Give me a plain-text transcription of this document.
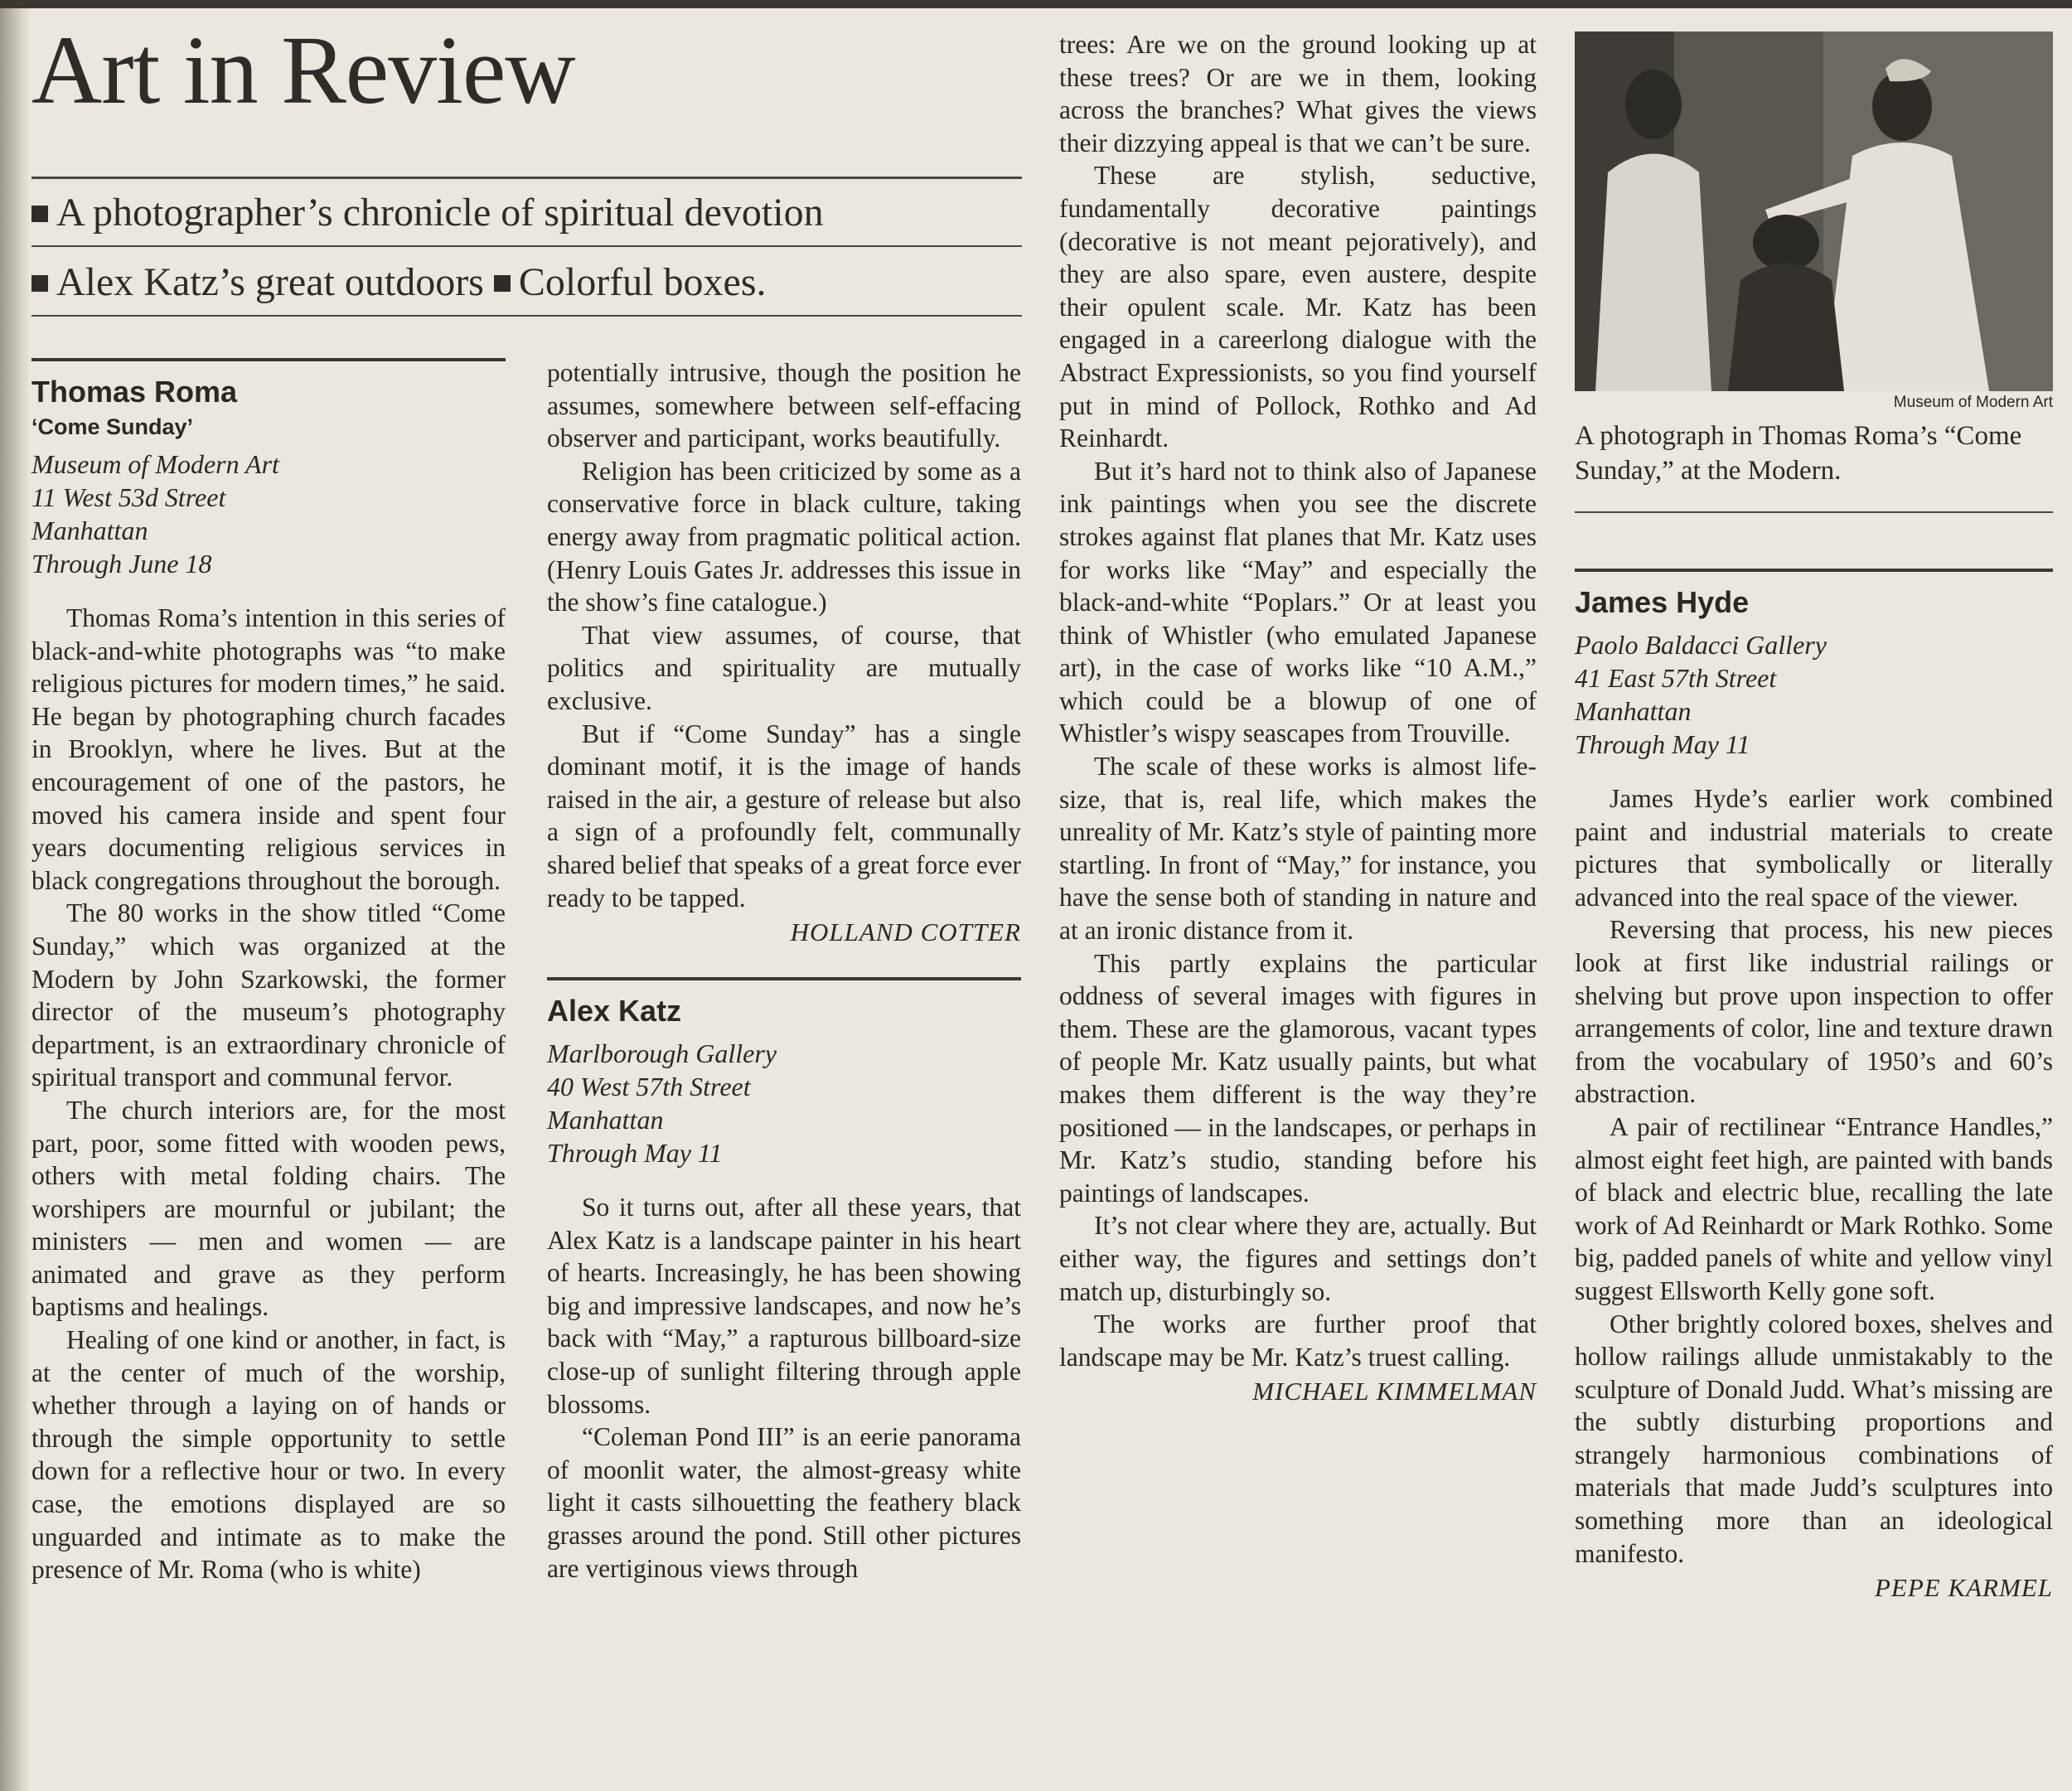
Art in Review
A photographer’s chronicle of spiritual devotion
Alex Katz’s great outdoors Colorful boxes.
Thomas Roma
‘Come Sunday’
Museum of Modern Art
11 West 53d Street
Manhattan
Through June 18

Thomas Roma’s intention in this series of black-and-white photographs was “to make religious pictures for modern times,” he said. He began by photographing church facades in Brooklyn, where he lives. But at the encouragement of one of the pastors, he moved his camera inside and spent four years documenting religious services in black congregations throughout the borough.

The 80 works in the show titled “Come Sunday,” which was organized at the Modern by John Szarkowski, the former director of the museum’s photography department, is an extraordinary chronicle of spiritual transport and communal fervor.

The church interiors are, for the most part, poor, some fitted with wooden pews, others with metal folding chairs. The worshipers are mournful or jubilant; the ministers — men and women — are animated and grave as they perform baptisms and healings.

Healing of one kind or another, in fact, is at the center of much of the worship, whether through a laying on of hands or through the simple opportunity to settle down for a reflective hour or two. In every case, the emotions displayed are so unguarded and intimate as to make the presence of Mr. Roma (who is white)

potentially intrusive, though the position he assumes, somewhere between self-effacing observer and participant, works beautifully.

Religion has been criticized by some as a conservative force in black culture, taking energy away from pragmatic political action. (Henry Louis Gates Jr. addresses this issue in the show’s fine catalogue.)

That view assumes, of course, that politics and spirituality are mutually exclusive.

But if “Come Sunday” has a single dominant motif, it is the image of hands raised in the air, a gesture of release but also a sign of a profoundly felt, communally shared belief that speaks of a great force ever ready to be tapped.

HOLLAND COTTER
Alex Katz
Marlborough Gallery
40 West 57th Street
Manhattan
Through May 11

So it turns out, after all these years, that Alex Katz is a landscape painter in his heart of hearts. Increasingly, he has been showing big and impressive landscapes, and now he’s back with “May,” a rapturous billboard-size close-up of sunlight filtering through apple blossoms.

“Coleman Pond III” is an eerie panorama of moonlit water, the almost-greasy white light it casts silhouetting the feathery black grasses around the pond. Still other pictures are vertiginous views through

trees: Are we on the ground looking up at these trees? Or are we in them, looking across the branches? What gives the views their dizzying appeal is that we can’t be sure.

These are stylish, seductive, fundamentally decorative paintings (decorative is not meant pejoratively), and they are also spare, even austere, despite their opulent scale. Mr. Katz has been engaged in a careerlong dialogue with the Abstract Expressionists, so you find yourself put in mind of Pollock, Rothko and Ad Reinhardt.

But it’s hard not to think also of Japanese ink paintings when you see the discrete strokes against flat planes that Mr. Katz uses for works like “May” and especially the black-and-white “Poplars.” Or at least you think of Whistler (who emulated Japanese art), in the case of works like “10 A.M.,” which could be a blowup of one of Whistler’s wispy seascapes from Trouville.

The scale of these works is almost life-size, that is, real life, which makes the unreality of Mr. Katz’s style of painting more startling. In front of “May,” for instance, you have the sense both of standing in nature and at an ironic distance from it.

This partly explains the particular oddness of several images with figures in them. These are the glamorous, vacant types of people Mr. Katz usually paints, but what makes them different is the way they’re positioned — in the landscapes, or perhaps in Mr. Katz’s studio, standing before his paintings of landscapes.

It’s not clear where they are, actually. But either way, the figures and settings don’t match up, disturbingly so.

The works are further proof that landscape may be Mr. Katz’s truest calling.

MICHAEL KIMMELMAN
Museum of Modern Art

A photograph in Thomas Roma’s “Come Sunday,” at the Modern.

James Hyde
Paolo Baldacci Gallery
41 East 57th Street
Manhattan
Through May 11

James Hyde’s earlier work combined paint and industrial materials to create pictures that symbolically or literally advanced into the real space of the viewer.

Reversing that process, his new pieces look at first like industrial railings or shelving but prove upon inspection to offer arrangements of color, line and texture drawn from the vocabulary of 1950’s and 60’s abstraction.

A pair of rectilinear “Entrance Handles,” almost eight feet high, are painted with bands of black and electric blue, recalling the late work of Ad Reinhardt or Mark Rothko. Some big, padded panels of white and yellow vinyl suggest Ellsworth Kelly gone soft.

Other brightly colored boxes, shelves and hollow railings allude unmistakably to the sculpture of Donald Judd. What’s missing are the subtly disturbing proportions and strangely harmonious combinations of materials that made Judd’s sculptures into something more than an ideological manifesto.

PEPE KARMEL
